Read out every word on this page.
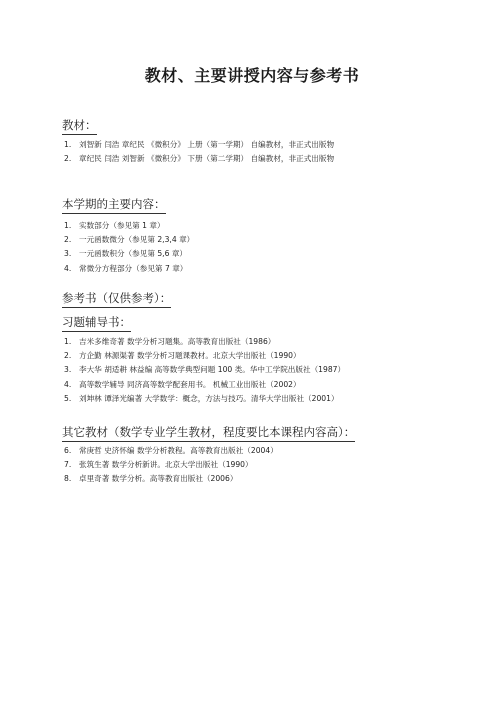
教材、主要讲授内容与参考书
教材：
1. 刘智新 闫浩 章纪民 《微积分》 上册（第一学期） 自编教材，非正式出版物
2. 章纪民 闫浩 刘智新 《微积分》 下册（第二学期） 自编教材，非正式出版物
本学期的主要内容：
1. 实数部分（参见第 1 章）
2. 一元函数微分（参见第 2,3,4 章）
3. 一元函数积分（参见第 5,6 章）
4. 常微分方程部分（参见第 7 章）
参考书（仅供参考）：
习题辅导书：
1. 吉米多维奇著 数学分析习题集。高等教育出版社（1986）
2. 方企勤 林源渠著 数学分析习题课教材。北京大学出版社（1990）
3. 李大华 胡适耕 林益编 高等数学典型问题 100 类。华中工学院出版社（1987）
4. 高等数学辅导 同济高等数学配套用书。 机械工业出版社（2002）
5. 刘坤林 谭泽光编著 大学数学：概念，方法与技巧。清华大学出版社（2001）
其它教材（数学专业学生教材，程度要比本课程内容高）：
6. 常庚哲 史济怀编 数学分析教程。高等教育出版社（2004）
7. 张筑生著 数学分析新讲。北京大学出版社（1990）
8. 卓里奇著 数学分析。高等教育出版社（2006）
